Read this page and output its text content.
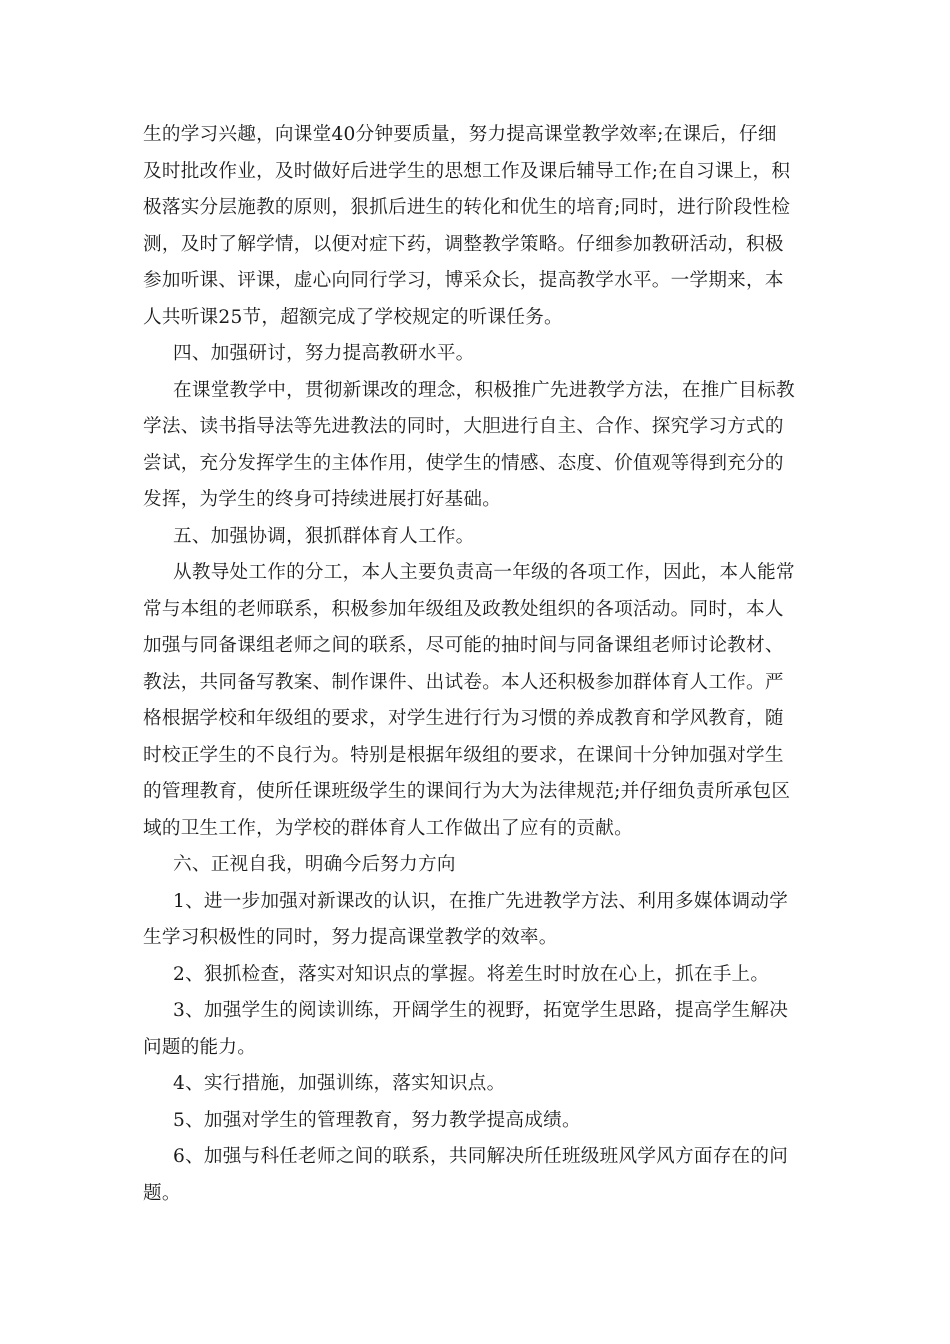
生的学习兴趣，向课堂40分钟要质量，努力提高课堂教学效率;在课后，仔细
及时批改作业，及时做好后进学生的思想工作及课后辅导工作;在自习课上，积
极落实分层施教的原则，狠抓后进生的转化和优生的培育;同时，进行阶段性检
测，及时了解学情，以便对症下药，调整教学策略。仔细参加教研活动，积极
参加听课、评课，虚心向同行学习，博采众长，提高教学水平。一学期来，本
人共听课25节，超额完成了学校规定的听课任务。
四、加强研讨，努力提高教研水平。
在课堂教学中，贯彻新课改的理念，积极推广先进教学方法，在推广目标教
学法、读书指导法等先进教法的同时，大胆进行自主、合作、探究学习方式的
尝试，充分发挥学生的主体作用，使学生的情感、态度、价值观等得到充分的
发挥，为学生的终身可持续进展打好基础。
五、加强协调，狠抓群体育人工作。
从教导处工作的分工，本人主要负责高一年级的各项工作，因此，本人能常
常与本组的老师联系，积极参加年级组及政教处组织的各项活动。同时，本人
加强与同备课组老师之间的联系，尽可能的抽时间与同备课组老师讨论教材、
教法，共同备写教案、制作课件、出试卷。本人还积极参加群体育人工作。严
格根据学校和年级组的要求，对学生进行行为习惯的养成教育和学风教育，随
时校正学生的不良行为。特别是根据年级组的要求，在课间十分钟加强对学生
的管理教育，使所任课班级学生的课间行为大为法律规范;并仔细负责所承包区
域的卫生工作，为学校的群体育人工作做出了应有的贡献。
六、正视自我，明确今后努力方向
1、进一步加强对新课改的认识，在推广先进教学方法、利用多媒体调动学
生学习积极性的同时，努力提高课堂教学的效率。
2、狠抓检查，落实对知识点的掌握。将差生时时放在心上，抓在手上。
3、加强学生的阅读训练，开阔学生的视野，拓宽学生思路，提高学生解决
问题的能力。
4、实行措施，加强训练，落实知识点。
5、加强对学生的管理教育，努力教学提高成绩。
6、加强与科任老师之间的联系，共同解决所任班级班风学风方面存在的问
题。
